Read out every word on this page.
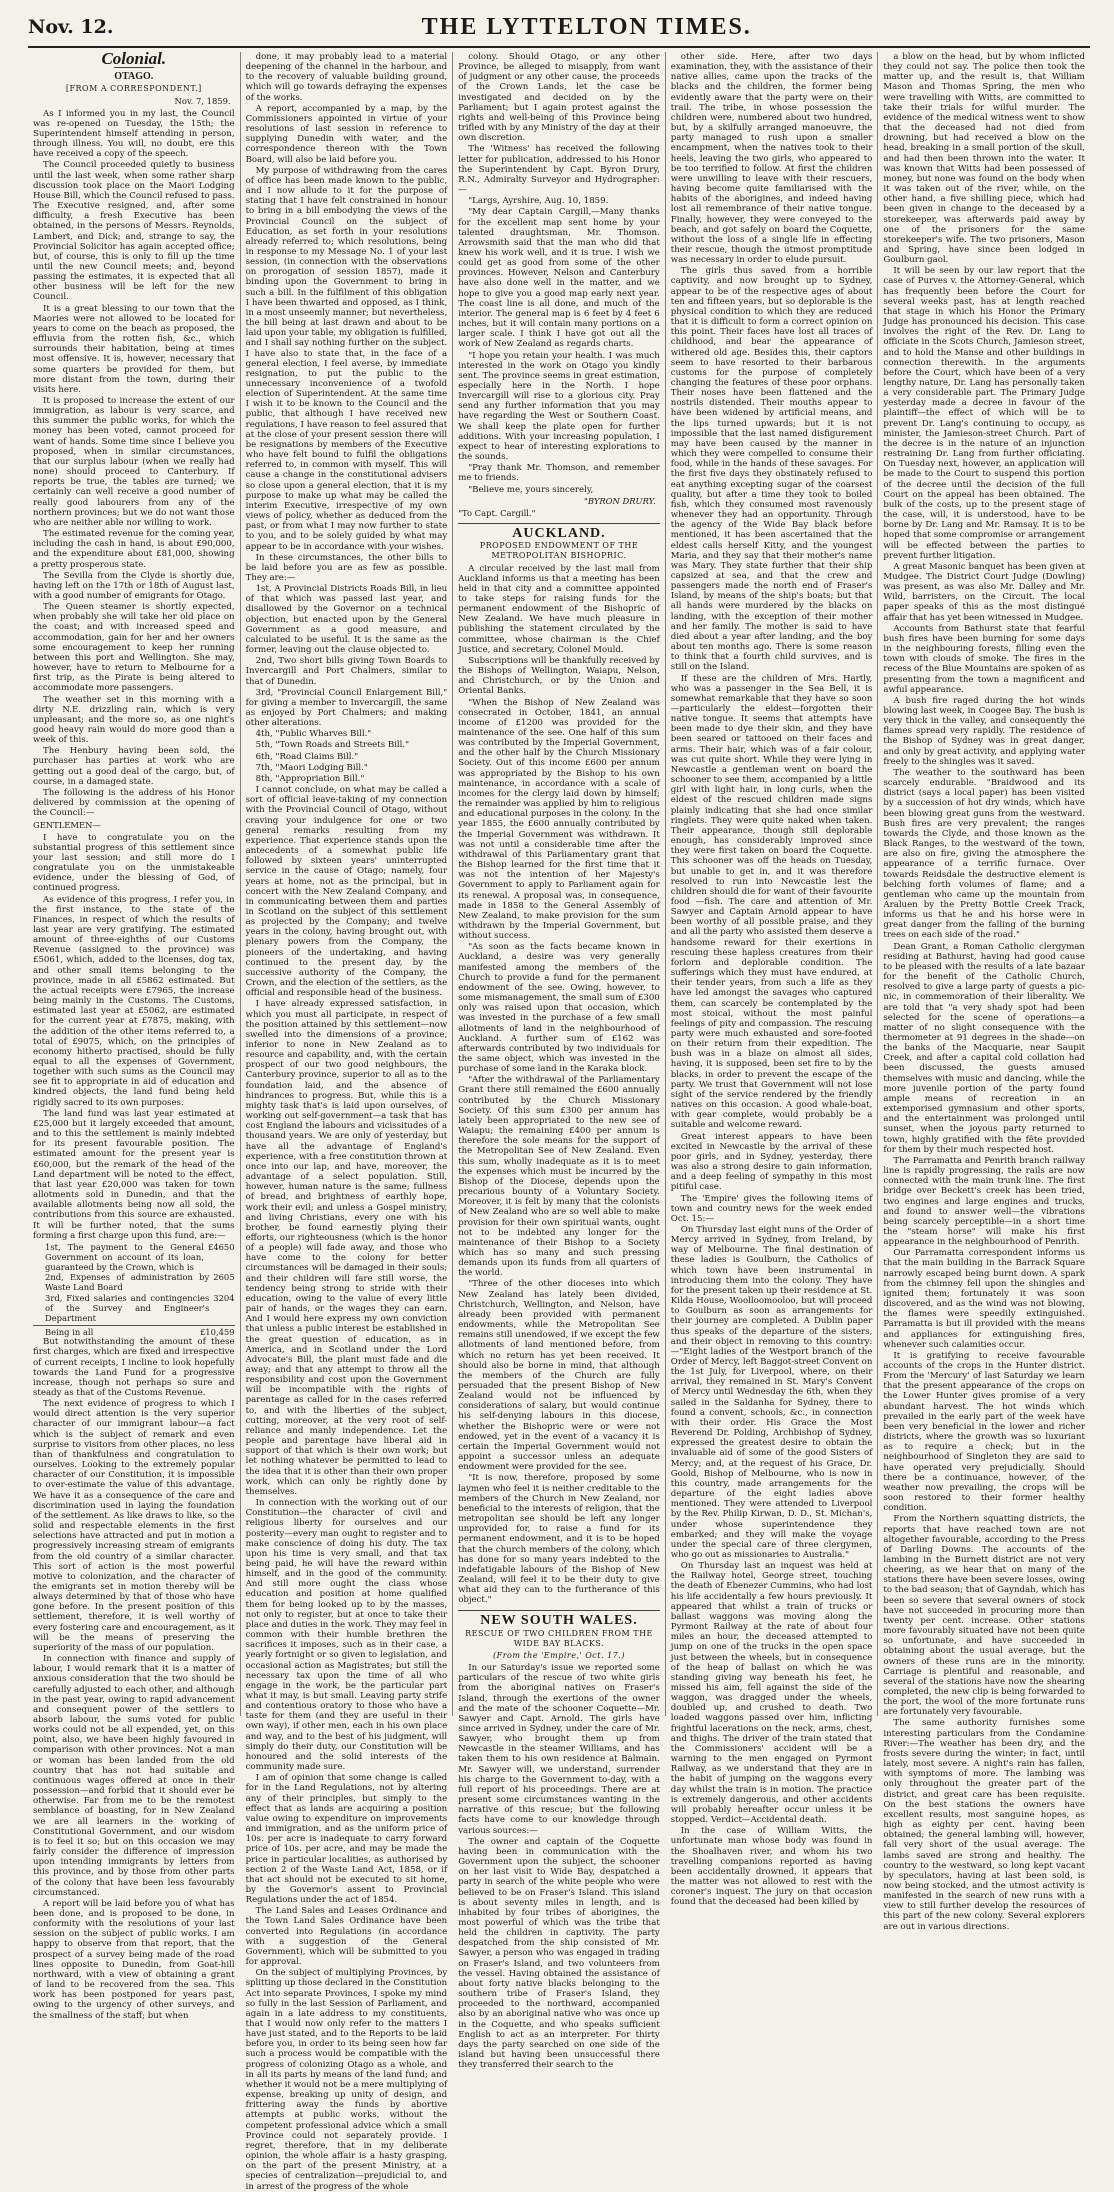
Nov. 12.	THE LYTTELTON TIMES.
Colonial.
OTAGO.
[FROM A CORRESPONDENT.]
Nov. 7, 1859.

As I informed you in my last, the Council was re-opened on Tuesday, the 15th; the Superintendent himself attending in person, through illness. You will, no doubt, ere this have received a copy of the speech.

The Council proceeded quietly to business until the last week, when some rather sharp discussion took place on the Maori Lodging House Bill, which the Council refused to pass. The Executive resigned, and, after some difficulty, a fresh Executive has been obtained, in the persons of Messrs. Reynolds, Lambert, and Dick; and, strange to say, the Provincial Solicitor has again accepted office; but, of course, this is only to fill up the time until the new Council meets; and, beyond passing the estimates, it is expected that all other business will be left for the new Council.

It is a great blessing to our town that the Maories were not allowed to be located for years to come on the beach as proposed, the effluvia from the rotten fish, &c., which surrounds their habitation, being at times most offensive. It is, however, necessary that some quarters be provided for them, but more distant from the town, during their visits here.

It is proposed to increase the extent of our immigration, as labour is very scarce, and this summer the public works, for which the money has been voted, cannot proceed for want of hands. Some time since I believe you proposed, when in similar circumstances, that our surplus labour (when we really had none) should proceed to Canterbury. If reports be true, the tables are turned; we certainly can well receive a good number of really good labourers from any of the northern provinces; but we do not want those who are neither able nor willing to work.

The estimated revenue for the coming year, including the cash in hand, is about £90,000, and the expenditure about £81,000, showing a pretty prosperous state.

The Sevilla from the Clyde is shortly due, having left on the 17th or 18th of August last, with a good number of emigrants for Otago.

The Queen steamer is shortly expected, when probably she will take her old place on the coast; and with increased speed and accommodation, gain for her and her owners some encouragement to keep her running between this port and Wellington. She may, however, have to return to Melbourne for a first trip, as the Pirate is being altered to accommodate more passengers.

The weather set in this morning with a dirty N.E. drizzling rain, which is very unpleasant; and the more so, as one night's good heavy rain would do more good than a week of this.

The Henbury having been sold, the purchaser has parties at work who are getting out a good deal of the cargo, but, of course, in a damaged state.

The following is the address of his Honor delivered by commission at the opening of the Council:—

GENTLEMEN—

I have to congratulate you on the substantial progress of this settlement since your last session; and still more do I congratulate you on the unmistakeable evidence, under the blessing of God, of continued progress.

As evidence of this progress, I refer you, in the first instance, to the state of the Finances, in respect of which the results of last year are very gratifying. The estimated amount of three-eighths of our Customs Revenue (assigned to the province) was £5061, which, added to the licenses, dog tax, and other small items belonging to the province, made in all £5862 estimated. But the actual receipts were £7965, the increase being mainly in the Customs. The Customs, estimated last year at £5062, are estimated for the current year at £7875, making, with the addition of the other items referred to, a total of £9075, which, on the principles of economy hitherto practised, should be fully equal to all the expenses of Government, together with such sums as the Council may see fit to appropriate in aid of education and kindred objects, the land fund being held rigidly sacred to its own purposes.

The land fund was last year estimated at £25,000 but it largely exceeded that amount, and to this the settlement is mainly indebted for its present favourable position. The estimated amount for the present year is £60,000, but the remark of the head of the Land department will be noted to the effect, that last year £20,000 was taken for town allotments sold in Dunedin, and that the available allotments being now all sold, the contributions from this source are exhausted. It will be further noted, that the sums forming a first charge upon this fund, are:—

1st, The payment to the General Government on account of its loan, guaranteed by the Crown, which is
£4650
2nd, Expenses of administration by Waste Land Board
2605
3rd, Fixed salaries and contingencies of the Survey and Engineer's Department
3204
Being in all	£10,459

But notwithstanding the amount of these first charges, which are fixed and irrespective of current receipts, I incline to look hopefully towards the Land Fund for a progressive increase, though not perhaps so sure and steady as that of the Customs Revenue.

The next evidence of progress to which I would direct attention is the very superior character of our immigrant labour—a fact which is the subject of remark and even surprise to visitors from other places, no less than of thankfulness and congratulation to ourselves. Looking to the extremely popular character of our Constitution, it is impossible to over-estimate the value of this advantage. We have it as a consequence of the care and discrimination used in laying the foundation of the settlement. As like draws to like, so the solid and respectable elements in the first selections have attracted and put in motion a progressively increasing stream of emigrants from the old country of a similar character. This sort of action is the most powerful motive to colonization, and the character of the emigrants set in motion thereby will be always determined by that of those who have gone before. In the present position of this settlement, therefore, it is well worthy of every fostering care and encouragement, as it will be the means of preserving the superiority of the mass of our population.

In connection with finance and supply of labour, I would remark that it is a matter of anxious consideration that the two should be carefully adjusted to each other, and although in the past year, owing to rapid advancement and consequent power of the settlers to absorb labour, the sums voted for public works could not be all expended, yet, on this point, also, we have been highly favoured in comparison with other provinces. Not a man or woman has been landed from the old country that has not had suitable and continuous wages offered at once in their possession—and forbid that it should ever be otherwise. Far from me to be the remotest semblance of boasting, for in New Zealand we are all learners in the working of Constitutional Government, and our wisdom is to feel it so; but on this occasion we may fairly consider the difference of impression upon intending immigrants by letters from this province, and by those from other parts of the colony that have been less favourably circumstanced.

A report will be laid before you of what has been done, and is proposed to be done, in conformity with the resolutions of your last session on the subject of public works. I am happy to observe from that report, that the prospect of a survey being made of the road lines opposite to Dunedin, from Goat-hill northward, with a view of obtaining a grant of land to be recovered from the sea. This work has been postponed for years past, owing to the urgency of other surveys, and the smallness of the staff; but when

done, it may probably lead to a material deepening of the channel in the harbour, and to the recovery of valuable building ground, which will go towards defraying the expenses of the works.

A report, accompanied by a map, by the Commissioners appointed in virtue of your resolutions of last session in reference to supplying Dunedin with water, and the correspondence thereon with the Town Board, will also be laid before you.

My purpose of withdrawing from the cares of office has been made known to the public, and I now allude to it for the purpose of stating that I have felt constrained in honour to bring in a bill embodying the views of the Provincial Council on the subject of Education, as set forth in your resolutions already referred to; which resolutions, being in response to my Message No. 1 of your last session, (in connection with the observations on prorogation of session 1857), made it binding upon the Government to bring in such a bill. In the fulfilment of this obligation I have been thwarted and opposed, as I think, in a most unseemly manner; but nevertheless, the bill being at last drawn and about to be laid upon your table, my obligation is fulfilled, and I shall say nothing further on the subject. I have also to state that, in the face of a general election, I feel averse, by immediate resignation, to put the public to the unnecessary inconvenience of a twofold election of Superintendent. At the same time I wish it to be known to the Council and the public, that although I have received new regulations, I have reason to feel assured that at the close of your present session there will be resignations by members of the Executive who have felt bound to fulfil the obligations referred to, in common with myself. This will cause a change in the constitutional advisers so close upon a general election, that it is my purpose to make up what may be called the interim Executive, irrespective of my own views of policy, whether as deduced from the past, or from what I may now further to state to you, and to be solely guided by what may appear to be in accordance with your wishes.

In these circumstances, the other bills to be laid before you are as few as possible. They are:—

1st, A Provincial Districts Roads Bill, in lieu of that which was passed last year, and disallowed by the Governor on a technical objection, but enacted upon by the General Government as a good measure, and calculated to be useful. It is the same as the former, leaving out the clause objected to.

2nd, Two short bills giving Town Boards to Invercargill and Port Chalmers, similar to that of Dunedin.

3rd, "Provincial Council Enlargement Bill," for giving a member to Invercargill, the same as enjoyed by Port Chalmers; and making other alterations.

4th, "Public Wharves Bill."

5th, "Town Roads and Streets Bill."

6th, "Road Claims Bill."

7th, "Maori Lodging Bill."

8th, "Appropriation Bill."

I cannot conclude, on what may be called a sort of official leave-taking of my connection with the Provincial Council of Otago, without craving your indulgence for one or two general remarks resulting from my experience. That experience stands upon the antecedents of a somewhat public life followed by sixteen years' uninterrupted service in the cause of Otago; namely, four years at home, not as the principal, but in concert with the New Zealand Company, and in communicating between them and parties in Scotland on the subject of this settlement as projected by the Company; and twelve years in the colony, having brought out, with plenary powers from the Company, the pioneers of the undertaking, and having continued to the present day, by the successive authority of the Company, the Crown, and the election of the settlers, as the official and responsible head of the business.

I have already expressed satisfaction, in which you must all participate, in respect of the position attained by this settlement—now swelled into the dimensions of a province, inferior to none in New Zealand as to resource and capability, and, with the certain prospect of our two good neighbours, the Canterbury province, superior to all as to the foundation laid, and the absence of hindrances to progress. But, while this is a mighty task that's is laid upon ourselves, of working out self-government—a task that has cost England the labours and vicissitudes of a thousand years. We are only of yesterday, but have all the advantage of England's experience, with a free constitution thrown at once into our lap, and have, moreover, the advantage of a select population. Still, however, human nature is the same; fullness of bread, and brightness of earthly hope, work their evil; and unless a Gospel ministry, and living Christians, every one with his brother, be found earnestly plying their efforts, our righteousness (which is the honor of a people) will fade away, and those who have come to the colony for better circumstances will be damaged in their souls; and their children will fare still worse, the tendency being strong to stride with their education, owing to the value of every little pair of hands, or the wages they can earn. And I would here express my own conviction that unless a public interest be established in the great question of education, as in America, and in Scotland under the Lord Advocate's Bill, the plant must fade and die away; and that any attempt to throw all the responsibility and cost upon the Government will be incompatible with the rights of parentage as called for in the cases referred to, and with the liberties of the subject, cutting, moreover, at the very root of self-reliance and manly independence. Let the people and parentage have liberal aid in support of that which is their own work; but let nothing whatever be permitted to lead to the idea that it is other than their own proper work, which can only be rightly done by themselves.

In connection with the working out of our Constitution—the character of civil and religious liberty for ourselves and our posterity—every man ought to register and to make conscience of doing his duty. The tax upon his time is very small, and that tax being paid, he will have the reward within himself, and in the good of the community. And still more ought the class whose education and position at home qualified them for being looked up to by the masses, not only to register, but at once to take their place and duties in the work. They may feel in common with their humble brethren the sacrifices it imposes, such as in their case, a yearly fortnight or so given to legislation, and occasional action as Magistrates; but still the necessary tax upon the time of all who engage in the work, be the particular part what it may, is but small. Leaving party strife and contentious oratory to those who have a taste for them (and they are useful in their own way), if other men, each in his own place and way, and to the best of his judgment, will simply do their duty, our Constitution will be honoured and the solid interests of the community made sure.

I am of opinion that some change is called for in the Land Regulations, not by altering any of their principles, but simply to the effect that as lands are acquiring a position value owing to expenditure on improvements and immigration, and as the uniform price of 10s. per acre is inadequate to carry forward price of 10s. per acre, and may be made the price in particular localities, as authorised by section 2 of the Waste Land Act, 1858, or if that act should not be executed to sit home, by the Governor's assent to Provincial Regulations under the act of 1854.

The Land Sales and Leases Ordinance and the Town Land Sales Ordinance have been converted into Regulations (in accordance with a suggestion of the General Government), which will be submitted to you for approval.

On the subject of multiplying Provinces, by splitting up those declared in the Constitution Act into separate Provinces, I spoke my mind so fully in the last Session of Parliament, and again in a late address to my constituents, that I would now only refer to the matters I have just stated, and to the Reports to be laid before you, in order to its being seen how far such a process would be compatible with the progress of colonizing Otago as a whole, and in all its parts by means of the land fund; and whether it would not be a mere multiplying of expense, breaking up unity of design, and frittering away the funds by abortive attempts at public works, without the competent professional advice which a small Province could not separately provide. I regret, therefore, that in my deliberate opinion, the whole affair is a hasty grasping, on the part of the present Ministry, at a species of centralization—prejudicial to, and in arrest of the progress of the whole

colony. Should Otago, or any other Province, be alleged to misapply, from want of judgment or any other cause, the proceeds of the Crown Lands, let the case be investigated and decided on by the Parliament; but I again protest against the rights and well-being of this Province being trifled with by any Ministry of the day at their own discretion.

The 'Witness' has received the following letter for publication, addressed to his Honor the Superintendent by Capt. Byron Drury, R.N., Admiralty Surveyor and Hydrographer:—

"Largs, Ayrshire, Aug. 10, 1859.

"My dear Captain Cargill,—Many thanks for the excellent map sent home by your talented draughtsman, Mr. Thomson. Arrowsmith said that the man who did that knew his work well, and it is true. I wish we could get as good from some of the other provinces. However, Nelson and Canterbury have also done well in the matter, and we hope to give you a good map early next year. The coast line is all done, and much of the interior. The general map is 6 feet by 4 feet 6 inches, but it will contain many portions on a larger scale. I think I have got out all the work of New Zealand as regards charts.

"I hope you retain your health. I was much interested in the work on Otago you kindly sent. The province seems in great estimation, especially here in the North. I hope Invercargill will rise to a glorious city. Pray send any further information that you may have regarding the West or Southern Coast. We shall keep the plate open for further additions. With your increasing population, I expect to hear of interesting explorations to the sounds.

"Pray thank Mr. Thomson, and remember me to friends.

"Believe me, yours sincerely,

"BYRON DRURY.
"To Capt. Cargill."
AUCKLAND.
PROPOSED ENDOWMENT OF THE METROPOLITAN BISHOPRIC.

A circular received by the last mail from Auckland informs us that a meeting has been held in that city and a committee appointed to take steps for raising funds for the permanent endowment of the Bishopric of New Zealand. We have much pleasure in publishing the statement circulated by the committee, whose chairman is the Chief Justice, and secretary, Colonel Mould.

Subscriptions will be thankfully received by the Bishops of Wellington, Waiapu, Nelson, and Christchurch, or by the Union and Oriental Banks.

"When the Bishop of New Zealand was consecrated in October, 1841, an annual income of £1200 was provided for the maintenance of the see. One half of this sum was contributed by the Imperial Government, and the other half by the Church Missionary Society. Out of this income £600 per annum was appropriated by the Bishop to his own maintenance, in accordance with a scale of incomes for the clergy laid down by himself; the remainder was applied by him to religious and educational purposes in the colony. In the year 1855, the £600 annually contributed by the Imperial Government was withdrawn. It was not until a considerable time after the withdrawal of this Parliamentary grant that the Bishop learned for the first time that it was not the intention of her Majesty's Government to apply to Parliament again for its renewal. A proposal was, in consequence, made in 1858 to the General Assembly of New Zealand, to make provision for the sum withdrawn by the Imperial Government, but without success.

"As soon as the facts became known in Auckland, a desire was very generally manifested among the members of the Church to provide a fund for the permanent endowment of the see. Owing, however, to some mismanagement, the small sum of £300 only was raised upon that occasion, which was invested in the purchase of a few small allotments of land in the neighbourhood of Auckland. A further sum of £162 was afterwards contributed by two individuals for the same object, which was invested in the purchase of some land in the Karaka block.

"After the withdrawal of the Parliamentary Grant there still remained the £600 annually contributed by the Church Missionary Society. Of this sum £300 per annum has lately been appropriated to the new see of Waiapu; the remaining £400 per annum is therefore the sole means for the support of the Metropolitan See of New Zealand. Even this sum, wholly inadequate as it is to meet the expenses which must be incurred by the Bishop of the Diocese, depends upon the precarious bounty of a Voluntary Society. Moreover, it is felt by many that the colonists of New Zealand who are so well able to make provision for their own spiritual wants, ought not to be indebted any longer for the maintenance of their Bishop to a Society which has so many and such pressing demands upon its funds from all quarters of the world.

"Three of the other dioceses into which New Zealand has lately been divided, Christchurch, Wellington, and Nelson, have already been provided with permanent endowments, while the Metropolitan See remains still unendowed, if we except the few allotments of land mentioned before, from which no return has yet been received. It should also be borne in mind, that although the members of the Church are fully persuaded that the present Bishop of New Zealand would not be influenced by considerations of salary, but would continue his self-denying labours in this diocese, whether the Bishopric were or were not endowed, yet in the event of a vacancy it is certain the Imperial Government would not appoint a successor unless an adequate endowment were provided for the see.

"It is now, therefore, proposed by some laymen who feel it is neither creditable to the members of the Church in New Zealand, nor beneficial to the interests of religion, that the metropolitan see should be left any longer unprovided for, to raise a fund for its permanent endowment, and it is to be hoped that the church members of the colony, which has done for so many years indebted to the indefatigable labours of the Bishop of New Zealand, will feel it to be their duty to give what aid they can to the furtherance of this object."

NEW SOUTH WALES.
RESCUE OF TWO CHILDREN FROM THE WIDE BAY BLACKS.
(From the 'Empire,' Oct. 17.)

In our Saturday's issue we reported some particulars of the rescue of two white girls from the aboriginal natives on Fraser's Island, through the exertions of the owner and the mate of the schooner Coquette—Mr. Sawyer and Capt. Arnold. The girls have since arrived in Sydney, under the care of Mr. Sawyer, who brought them up from Newcastle in the steamer Williams, and has taken them to his own residence at Balmain. Mr. Sawyer will, we understand, surrender his charge to the Government to-day, with a full report of his proceedings. There are at present some circumstances wanting in the narrative of this rescue; but the following facts have come to our knowledge through various sources:—

The owner and captain of the Coquette having been in communication with the Government upon the subject, the schooner on her last visit to Wide Bay, despatched a party in search of the white people who were believed to be on Fraser's Island. This island is about seventy miles in length, and is inhabited by four tribes of aborigines, the most powerful of which was the tribe that held the children in captivity. The party despatched from the ship consisted of Mr. Sawyer, a person who was engaged in trading on Fraser's Island, and two volunteers from the vessel. Having obtained the assistance of about forty native blacks belonging to the southern tribe of Fraser's Island, they proceeded to the northward, accompanied also by an aboriginal native who was once up in the Coquette, and who speaks sufficient English to act as an interpreter. For thirty days the party searched on one side of the island but having been unsuccessful there they transferred their search to the

other side. Here, after two days examination, they, with the assistance of their native allies, came upon the tracks of the blacks and the children, the former being evidently aware that the party were on their trail. The tribe, in whose possession the children were, numbered about two hundred, but, by a skilfully arranged manoeuvre, the party managed to rush upon a smaller encampment, when the natives took to their heels, leaving the two girls, who appeared to be too terrified to follow. At first the children were unwilling to leave with their rescuers, having become quite familiarised with the habits of the aborigines, and indeed having lost all remembrance of their native tongue. Finally, however, they were conveyed to the beach, and got safely on board the Coquette, without the loss of a single life in effecting their rescue, though the utmost promptitude was necessary in order to elude pursuit.

The girls thus saved from a horrible captivity, and now brought up to Sydney, appear to be of the respective ages of about ten and fifteen years, but so deplorable is the physical condition to which they are reduced that it is difficult to form a correct opinion on this point. Their faces have lost all traces of childhood, and bear the appearance of withered old age. Besides this, their captors seem to have resorted to their barbarous customs for the purpose of completely changing the features of these poor orphans. Their noses have been flattened and the nostrils distended. Their mouths appear to have been widened by artificial means, and the lips turned upwards; but it is not impossible that the last named disfigurement may have been caused by the manner in which they were compelled to consume their food, while in the hands of these savages. For the first five days they obstinately refused to eat anything excepting sugar of the coarsest quality, but after a time they took to boiled fish, which they consumed most ravenously whenever they had an opportunity. Through the agency of the Wide Bay black before mentioned, it has been ascertained that the eldest calls herself Kitty, and the youngest Maria, and they say that their mother's name was Mary. They state further that their ship capsized at sea, and that the crew and passengers made the north end of Fraser's Island, by means of the ship's boats; but that all hands were murdered by the blacks on landing, with the exception of their mother and her family. The mother is said to have died about a year after landing, and the boy about ten months ago. There is some reason to think that a fourth child survives, and is still on the Island.

If these are the children of Mrs. Hartly, who was a passenger in the Sea Bell, it is somewhat remarkable that they have so soon—particularly the eldest—forgotten their native tongue. It seems that attempts have been made to dye their skin, and they have been seared or tattooed on their faces and arms. Their hair, which was of a fair colour, was cut quite short. While they were lying in Newcastle a gentleman went on board the schooner to see them, accompanied by a little girl with light hair, in long curls, when the eldest of the rescued children made signs plainly indicating that she had once similar ringlets. They were quite naked when taken. Their appearance, though still deplorable enough, has considerably improved since they were first taken on board the Coquette. This schooner was off the heads on Tuesday, but unable to get in, and it was therefore resolved to run into Newcastle lest the children should die for want of their favourite food —fish. The care and attention of Mr. Sawyer and Captain Arnold appear to have been worthy of all possible praise, and they and all the party who assisted them deserve a handsome reward for their exertions in rescuing these hapless creatures from their forlorn and deplorable condition. The sufferings which they must have endured, at their tender years, from such a life as they have led amongst the savages who captured them, can scarcely be contemplated by the most stoical, without the most painful feelings of pity and compassion. The rescuing party were much exhausted and sore-footed on their return from their expedition. The bush was in a blaze on almost all sides, having, it is supposed, been set fire to by the blacks, in order to prevent the escape of the party. We trust that Government will not lose sight of the service rendered by the friendly natives on this occasion. A good whale-boat, with gear complete, would probably be a suitable and welcome reward.

Great interest appears to have been excited in Newcastle by the arrival of these poor girls, and in Sydney, yesterday, there was also a strong desire to gain information, and a deep feeling of sympathy in this most pitiful case.

The 'Empire' gives the following items of town and country news for the week ended Oct. 15:—

On Thursday last eight nuns of the Order of Mercy arrived in Sydney, from Ireland, by way of Melbourne. The final destination of these ladies is Goulburn, the Catholics of which town have been instrumental in introducing them into the colony. They have for the present taken up their residence at St. Kilda House, Woolloomooloo, but will proceed to Goulburn as soon as arrangements for their journey are completed. A Dublin paper thus speaks of the departure of the sisters, and their object in removing to this country:—"Eight ladies of the Westport branch of the Order of Mercy, left Baggot-street Convent on the 1st July, for Liverpool, where, on their arrival, they remained in St. Mary's Convent of Mercy until Wednesday the 6th, when they sailed in the Saldanha for Sydney, there to found a convent, schools, &c., in connection with their order. His Grace the Most Reverend Dr. Polding, Archbishop of Sydney, expressed the greatest desire to obtain the invaluable aid of some of the good Sisters of Mercy; and, at the request of his Grace, Dr. Goold, Bishop of Melbourne, who is now in this country, made arrangements for the departure of the eight ladies above mentioned. They were attended to Liverpool by the Rev. Philip Kirwan, D. D., St. Michan's, under whose superintendence they embarked; and they will make the voyage under the special care of three clergymen, who go out as missionaries to Australia."

On Thursday last an inquest was held at the Railway hotel, George street, touching the death of Ebenezer Cummins, who had lost his life accidentally a few hours previously. It appeared that whilst a train of trucks or ballast waggons was moving along the Pyrmont Railway at the rate of about four miles an hour, the deceased attempted to jump on one of the trucks in the open space just between the wheels, but in consequence of the heap of ballast on which he was standing giving way beneath his feet, he missed his aim, fell against the side of the waggon, was dragged under the wheels, doubled up, and crushed to death. Two loaded waggons passed over him, inflicting frightful lacerations on the neck, arms, chest, and thighs. The driver of the train stated that the Commissioners' accident will be a warning to the men engaged on Pyrmont Railway, as we understand that they are in the habit of jumping on the waggons every day whilst the train is in motion. The practice is extremely dangerous, and other accidents will probably hereafter occur unless it be stopped. Verdict—Accidental death.

In the case of William Witts, the unfortunate man whose body was found in the Shoalhaven river, and whom his two travelling companions reported as having been accidentally drowned, it appears that the matter was not allowed to rest with the coroner's inquest. The jury on that occasion found that the deceased had been killed by

a blow on the head, but by whom inflicted they could not say. The police then took the matter up, and the result is, that William Mason and Thomas Spring, the men who were travelling with Witts, are committed to take their trials for wilful murder. The evidence of the medical witness went to show that the deceased had not died from drowning, but had received a blow on the head, breaking in a small portion of the skull, and had then been thrown into the water. It was known that Witts had been possessed of money, but none was found on the body when it was taken out of the river, while, on the other hand, a five shilling piece, which had been given in change to the deceased by a storekeeper, was afterwards paid away by one of the prisoners for the same storekeeper's wife. The two prisoners, Mason and Spring, have since been lodged in Goulburn gaol.

It will be seen by our law report that the case of Purves v. the Attorney-General, which has frequently been before the Court for several weeks past, has at length reached that stage in which his Honor the Primary Judge has pronounced his decision. This case involves the right of the Rev. Dr. Lang to officiate in the Scots Church, Jamieson street, and to hold the Manse and other buildings in connection therewith. In the arguments before the Court, which have been of a very lengthy nature, Dr. Lang has personally taken a very considerable part. The Primary Judge yesterday made a decree in favour of the plaintiff—the effect of which will be to prevent Dr. Lang's continuing to occupy, as minister, the Jamieson-street Church. Part of the decree is in the nature of an injunction restraining Dr. Lang from further officiating. On Tuesday next, however, an application will be made to the Court to suspend this portion of the decree until the decision of the full Court on the appeal has been obtained. The bulk of the costs, up to the present stage of the case, will, it is understood, have to be borne by Dr. Lang and Mr. Ramsay. It is to be hoped that some compromise or arrangement will be effected between the parties to prevent further litigation.

A great Masonic banquet has been given at Mudgee. The District Court Judge (Dowling) was present, as was also Mr. Dalley and Mr. Wild, barristers, on the Circuit. The local paper speaks of this as the most distingué affair that has yet been witnessed in Mudgee.

Accounts from Bathurst state that fearful bush fires have been burning for some days in the neighbouring forests, filling even the town with clouds of smoke. The fires in the recess of the Blue Mountains are spoken of as presenting from the town a magnificent and awful appearance.

A bush fire raged during the hot winds blowing last week, in Coogee Bay. The bush is very thick in the valley, and consequently the flames spread very rapidly. The residence of the Bishop of Sydney was in great danger, and only by great activity, and applying water freely to the shingles was it saved.

The weather to the southward has been scarcely endurable. "Braidwood and its district (says a local paper) has been visited by a succession of hot dry winds, which have been blowing great guns from the westward. Bush fires are very prevalent; the ranges towards the Clyde, and those known as the Black Ranges, to the westward of the town, are also on fire, giving the atmosphere the appearance of a terrific furnace. Over towards Reidsdale the destructive element is belching forth volumes of flame; and a gentleman who came up the mountain from Araluen by the Pretty Bottle Creek Track, informs us that he and his horse were in great danger from the falling of the burning trees on each side of the road."

Dean Grant, a Roman Catholic clergyman residing at Bathurst, having had good cause to be pleased with the results of a late bazaar for the benefit of the Catholic Church, resolved to give a large party of guests a pic-nic, in commemoration of their liberality. We are told that "a very shady spot had been selected for the scene of operations—a matter of no slight consequence with the thermometer at 91 degrees in the shade—on the banks of the Macquarie, near Saupit Creek, and after a capital cold collation had been discussed, the guests amused themselves with music and dancing, while the more juvenile portion of the party found ample means of recreation in an extemporised gymnasium and other sports, and the entertainment was prolonged until sunset, when the joyous party returned to town, highly gratified with the fête provided for them by their much respected host.

The Parramatta and Penrith branch railway line is rapidly progressing, the rails are now connected with the main trunk line. The first bridge over Beckett's creek has been tried, two engines and large engines and trucks, and found to answer well—the vibrations being scarcely perceptible—in a short time the "steam horse" will make his first appearance in the neighbourhood of Penrith.

Our Parramatta correspondent informs us that the main building in the Barrack Square narrowly escaped being burnt down. A spark from the chimney fell upon the shingles and ignited them; fortunately it was soon discovered, and as the wind was not blowing, the flames were speedily extinguished. Parramatta is but ill provided with the means and appliances for extinguishing fires, whenever such calamities occur.

It is gratifying to receive favourable accounts of the crops in the Hunter district. From the 'Mercury' of last Saturday we learn that the present appearance of the crops on the Lower Hunter gives promise of a very abundant harvest. The hot winds which prevailed in the early part of the week have been very beneficial in the lower and richer districts, where the growth was so luxuriant as to require a check; but in the neighbourhood of Singleton they are said to have operated very prejudicially. Should there be a continuance, however, of the weather now prevailing, the crops will be soon restored to their former healthy condition.

From the Northern squatting districts, the reports that have reached town are not altogether favourable, according to the Press of Darling Downs. The accounts of the lambing in the Burnett district are not very cheering, as we hear that on many of the stations there have been severe losses, owing to the bad season; that of Gayndah, which has been so severe that several owners of stock have not succeeded in procuring more than twenty per cent. increase. Other stations more favourably situated have not been quite so unfortunate, and have succeeded in obtaining about the usual average, but the owners of these runs are in the minority. Carriage is plentiful and reasonable, and several of the stations have now the shearing completed, the new clip is being forwarded to the port, the wool of the more fortunate runs are fortunately very favourable.

The same authority furnishes some interesting particulars from the Condamine River:—The weather has been dry, and the frosts severe during the winter; in fact, until lately, most severe. A night's rain has fallen, with symptoms of more. The lambing was only throughout the greater part of the district, and great care has been requisite. On the best stations the owners have excellent results, most sanguine hopes, as high as eighty per cent. having been obtained; the general lambing will, however, fall very short of the usual average. The lambs saved are strong and healthy. The country to the westward, so long kept vacant by speculators, having at last been sold, is now being stocked, and the utmost activity is manifested in the search of new runs with a view to still further develop the resources of this part of the new colony. Several explorers are out in various directions.
